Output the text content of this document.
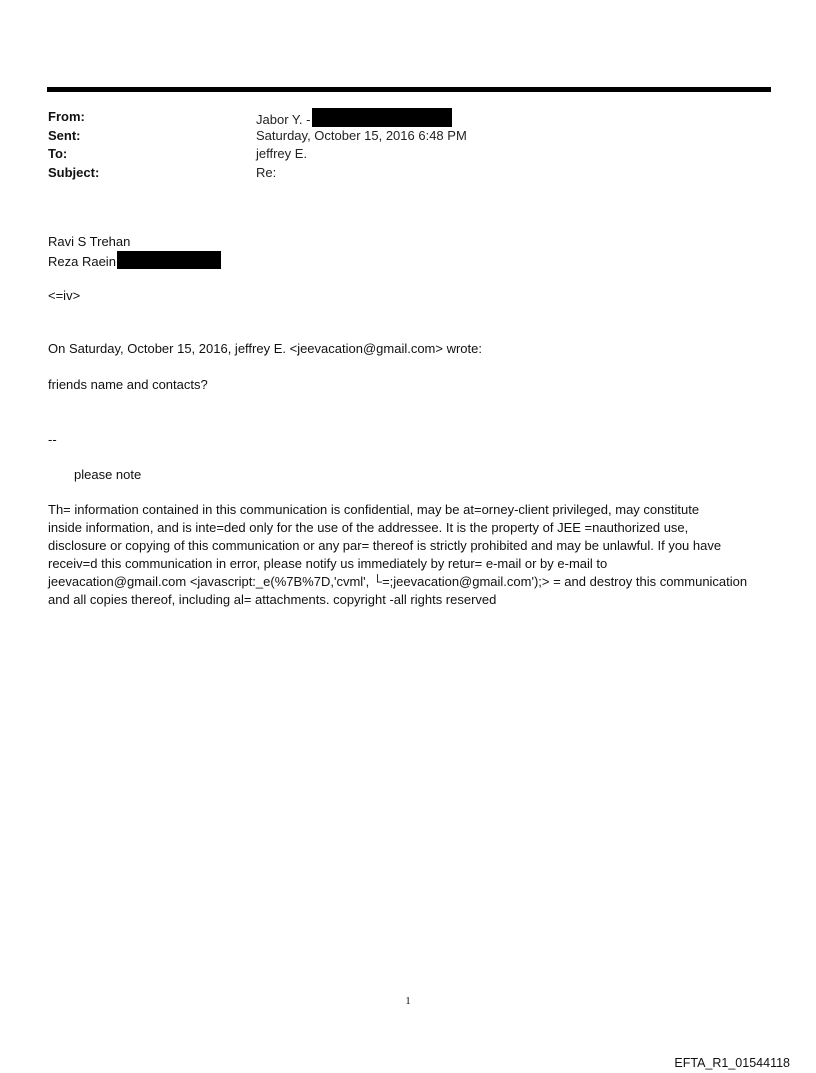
From:	Jabor Y. -
Sent:	Saturday, October 15, 2016 6:48 PM
To:	jeffrey E.
Subject:	Re:
Ravi S Trehan
Reza Raein
<=iv>
On Saturday, October 15, 2016, jeffrey E. <jeevacation@gmail.com> wrote:
friends name and contacts?
--
please note
Th= information contained in this communication is confidential, may be at=orney-client privileged, may constitute
inside information, and is inte=ded only for the use of the addressee. It is the property of JEE =nauthorized use,
disclosure or copying of this communication or any par= thereof is strictly prohibited and may be unlawful. If you have
receiv=d this communication in error, please notify us immediately by retur= e-mail or by e-mail to
jeevacation@gmail.com <javascript:_e(%7B%7D,'cvml', └=;jeevacation@gmail.com');> = and destroy this communication
and all copies thereof, including al= attachments. copyright -all rights reserved
1
EFTA_R1_01544118
